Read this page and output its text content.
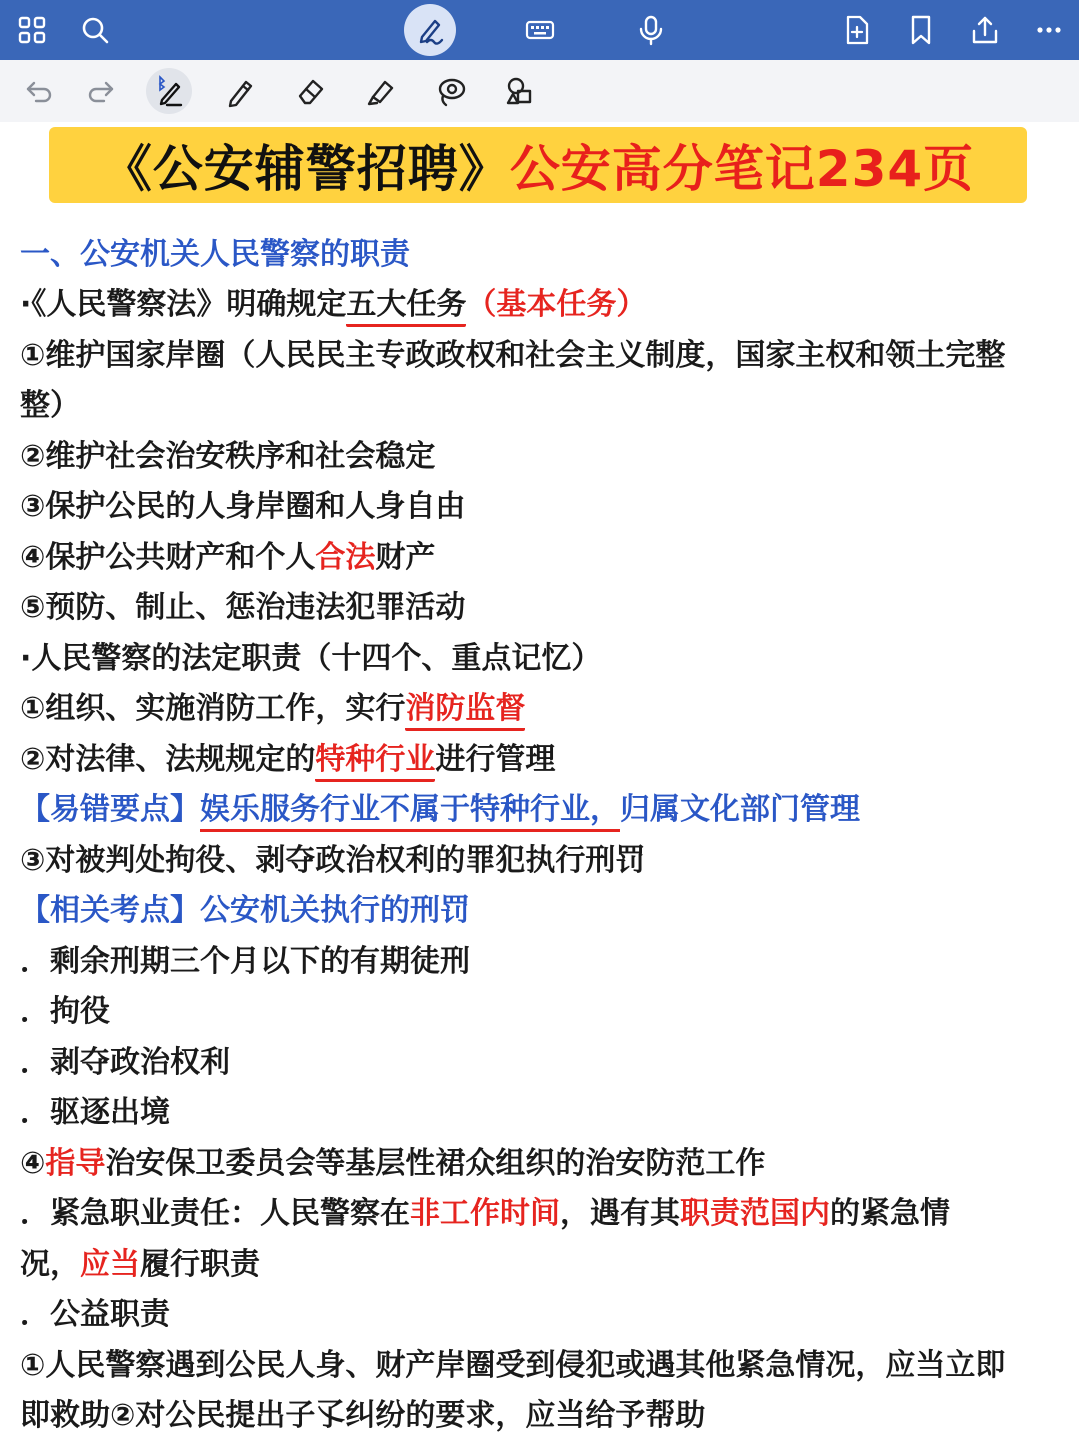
《公安辅警招聘》 公安高分笔记234页
一、公安机关人民警察的职责
·《人民警察法》明确规定五大任务（基本任务）
①维护国家岸圈（人民民主专政政权和社会主义制度，国家主权和领土完整
整）
②维护社会治安秩序和社会稳定
③保护公民的人身岸圈和人身自由
④保护公共财产和个人合法财产
⑤预防、制止、惩治违法犯罪活动
·人民警察的法定职责（十四个、重点记忆）
①组织、实施消防工作，实行消防监督
②对法律、法规规定的特种行业进行管理
【易错要点】娱乐服务行业不属于特种行业，归属文化部门管理
③对被判处拘役、剥夺政治权利的罪犯执行刑罚
【相关考点】公安机关执行的刑罚
．剩余刑期三个月以下的有期徒刑
．拘役
．剥夺政治权利
．驱逐出境
④指导治安保卫委员会等基层性裙众组织的治安防范工作
．紧急职业责任：人民警察在非工作时间，遇有其职责范国内的紧急情
况，应当履行职责
．公益职责
①人民警察遇到公民人身、财产岸圈受到侵犯或遇其他紧急情况，应当立即
即救助②对公民提出子孓纠纷的要求，应当给予帮助
